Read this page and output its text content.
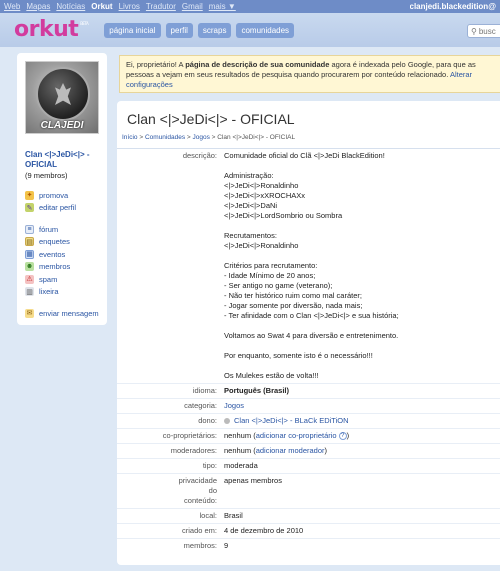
Web Mapas Notícias Orkut Livros Tradutor Gmail mais ▼	clanjedi.blackedition@
orkut BETA
página inicial	perfil	scraps	comunidades	⚲
busc
CLAJEDI
Clan <|>JeDi<|> - OFICIAL
(9 membros)
✦ promova
✎ editar perfil
≡ fórum
▤ enquetes
▦ eventos
☻ membros
⚠ spam
▥ lixeira
✉ enviar mensagem
Ei, proprietário! A página de descrição de sua comunidade agora é indexada pelo Google, para que as pessoas a vejam em seus resultados de pesquisa quando procurarem por conteúdo relacionado. Alterar configurações
Clan <|>JeDi<|> - OFICIAL
Início > Comunidades > Jogos > Clan <|>JeDi<|> - OFICIAL
descrição: Comunidade oficial do Clã <|>JeDi BlackEdition!
Administração:
<|>JeDi<|>Ronaldinho
<|>JeDi<|>xXROCHAXx
<|>JeDi<|>DaNi
<|>JeDi<|>LordSombrio ou Sombra
Recrutamentos:
<|>JeDi<|>Ronaldinho
Critérios para recrutamento:
- Idade Mínimo de 20 anos;
- Ser antigo no game (veterano);
- Não ter histórico ruim como mal caráter;
- Jogar somente por diversão, nada mais;
- Ter afinidade com o Clan <|>JeDi<|> e sua história;
Voltamos ao Swat 4 para diversão e entretenimento.
Por enquanto, somente isto é o necessário!!!
Os Mulekes estão de volta!!!
idioma: Português (Brasil)
categoria: Jogos
dono:	Clan <|>JeDi<|> - BLaCk EDiTiON
co-proprietários: nenhum (adicionar co-proprietário ? )
moderadores: nenhum (adicionar moderador)
tipo: moderada
privacidade do conteúdo:
apenas membros
local: Brasil
criado em: 4 de dezembro de 2010
membros: 9
